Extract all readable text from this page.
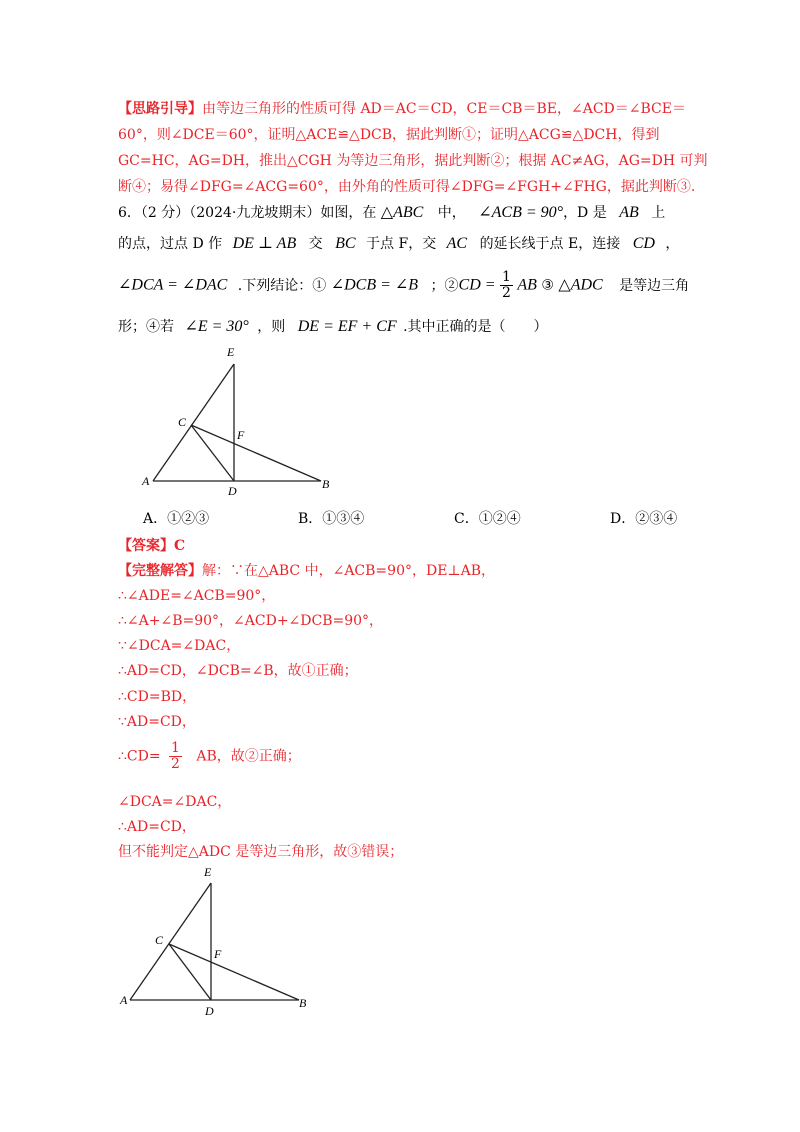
【思路引导】由等边三角形的性质可得 AD＝AC＝CD，CE＝CB＝BE，∠ACD＝∠BCE＝
60°，则∠DCE＝60°，证明△ACE≌△DCB，据此判断①；证明△ACG≌△DCH，得到
GC=HC，AG=DH，推出△CGH 为等边三角形，据此判断②；根据 AC≠AG，AG=DH 可判
断④；易得∠DFG=∠ACG=60°，由外角的性质可得∠DFG=∠FGH+∠FHG，据此判断③.
6．（2 分）（2024·九龙坡期末）如图，在 △ABC 中， ∠ACB = 90°，D 是 AB 上
的点，过点 D 作 DE ⊥ AB 交 BC 于点 F，交 AC 的延长线于点 E，连接 CD ，
∠DCA = ∠DAC .下列结论：① ∠DCB = ∠B ；②CD = $\frac{1}{2}$ AB ③ △ADC 是等边三角
形；④若 ∠E = 30° ，则 DE = EF + CF .其中正确的是（　　）
E
C
F
A
D	B
A．①②③	B．①③④	C．①②④	D．②③④
【答案】C
【完整解答】解：∵在△ABC 中，∠ACB=90°，DE⊥AB，
∴∠ADE=∠ACB=90°，
∴∠A+∠B=90°，∠ACD+∠DCB=90°，
∵∠DCA=∠DAC，
∴AD=CD，∠DCB=∠B，故①正确；
∴CD=BD，
∵AD=CD，
∴CD= $\frac{1}{2}$ AB，故②正确；
∠DCA=∠DAC，
∴AD=CD，
但不能判定△ADC 是等边三角形，故③错误；
E
C
F
A
D
B
